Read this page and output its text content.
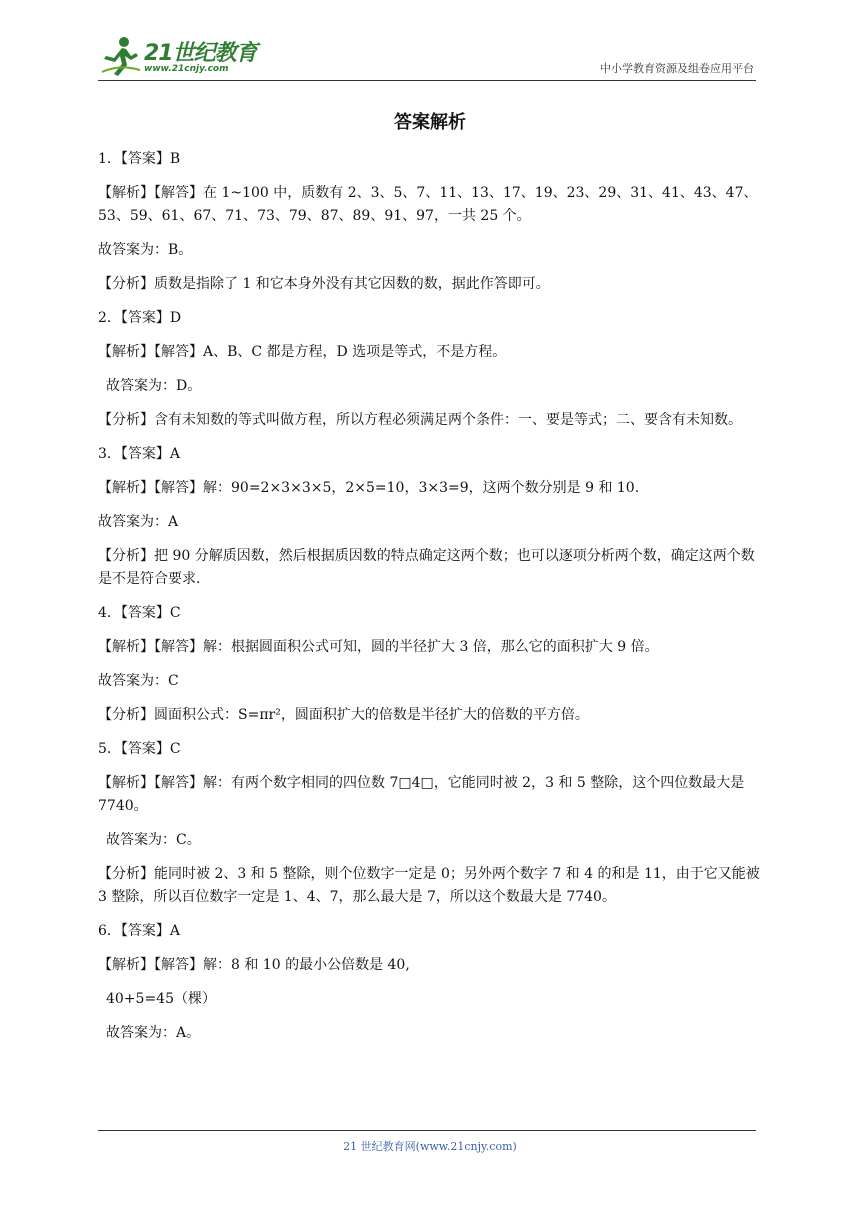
21世纪教育
www.21cnjy.com	中小学教育资源及组卷应用平台
答案解析

1．【答案】B

【解析】【解答】在 1~100 中，质数有 2、3、5、7、11、13、17、19、23、29、31、41、43、47、53、59、61、67、71、73、79、87、89、91、97，一共 25 个。

故答案为：B。

【分析】质数是指除了 1 和它本身外没有其它因数的数，据此作答即可。

2．【答案】D

【解析】【解答】A、B、C 都是方程，D 选项是等式，不是方程。

故答案为：D。

【分析】含有未知数的等式叫做方程，所以方程必须满足两个条件：一、要是等式；二、要含有未知数。

3．【答案】A

【解析】【解答】解：90=2×3×3×5，2×5=10，3×3=9，这两个数分别是 9 和 10.

故答案为：A

【分析】把 90 分解质因数，然后根据质因数的特点确定这两个数；也可以逐项分析两个数，确定这两个数是不是符合要求.

4．【答案】C

【解析】【解答】解：根据圆面积公式可知，圆的半径扩大 3 倍，那么它的面积扩大 9 倍。

故答案为：C

【分析】圆面积公式：S=πr²，圆面积扩大的倍数是半径扩大的倍数的平方倍。

5．【答案】C

【解析】【解答】解：有两个数字相同的四位数 7□4□，它能同时被 2，3 和 5 整除，这个四位数最大是 7740。

故答案为：C。

【分析】能同时被 2、3 和 5 整除，则个位数字一定是 0；另外两个数字 7 和 4 的和是 11，由于它又能被 3 整除，所以百位数字一定是 1、4、7，那么最大是 7，所以这个数最大是 7740。

6．【答案】A

【解析】【解答】解：8 和 10 的最小公倍数是 40,

40+5=45（棵）

故答案为：A。

21 世纪教育网(www.21cnjy.com)
